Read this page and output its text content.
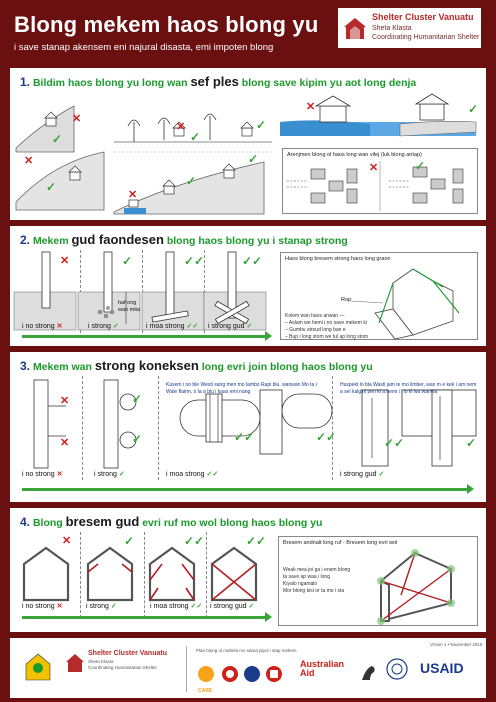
Blong mekem haos blong yu
i save stanap akensem eni najural disasta, emi impoten blong
Shelter Cluster Vanuatu
Sheta Klasta
Coordinating Humanitarian Shelter
1. Bildim haos blong yu long wan sef ples blong save kipim yu aot long denja
✕
✓
✕
✓
✕
✓
✓
✕
✓
✓
✕	✓
Arenjmen blong ol haos long wan vilej (luk blong antap)
✕	✓
2. Mekem gud faondesen blong haos blong yu i stanap strong
✕	✓	✓✓	✓✓
haf ong
wan mita
i no strong ✕	i strong ✓	i moa strong ✓✓ i strong gud ✓
Haos blong bresem strong haos long graon
Rop
Kolem wan haos anwan —
– Aslam we hemi i no save mekem ki
– Gumbu stroud long ban e
– Bup i long stom we tul ap long stom
3. Mekem wan strong koneksen long evri join blong haos blong yu
✕
✕
✓
✓	✓✓	✓✓	✓✓	✓
Kusem i no ble Westi sang men mo lambo Rapi blu, wanwan Mo ta i Wale flairm, o la a blu i kaas emi nang
Huspekt lo bla Wasti jam te mo limber, wan m e kek i am nem a sel kalgini pen ki a hemi i i lo ki wa wanwa
i no strong ✕	i strong ✓	i moa strong ✓✓	i strong gud ✓
4. Blong bresem gud evri ruf mo wol blong haos blong yu
✕	✓	✓✓	✓✓
i no strong ✕	i strong ✓	i moa strong ✓✓ i strong gud ✓
Bresem andnalt long ruf - Bresem long evri wol
Weak mea joi ga i enem blong
ta save ap waa i long
Kiyalo ngamalo
Mor blong kisi or ta mo i sta
Shelter Cluster Vanuatu
Sheta Klasta
Coordinating Humanitarian Shelter
Plan blong ol mabela mo sama pipol i stap mekem
Vrsion 1 • November 2015
CARE
Australian Aid	USAID
